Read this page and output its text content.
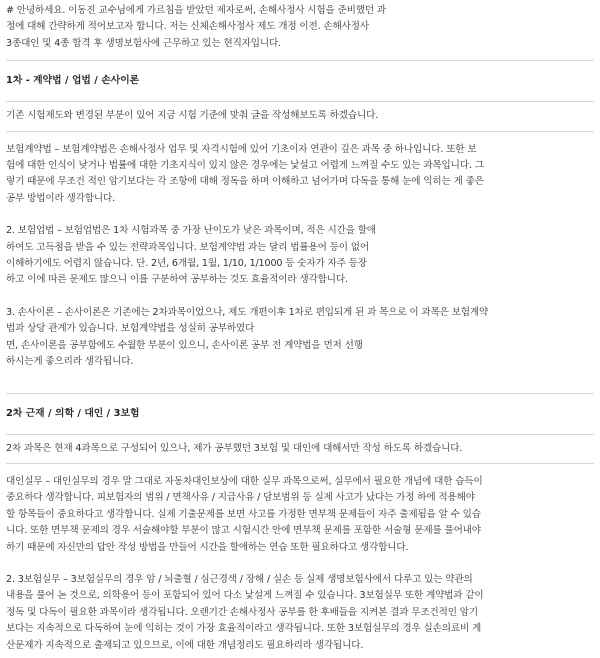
# 안녕하세요. 이동진 교수님에게 가르침을 받았던 제자로써, 손해사정사 시험을 준비했던 과

정에 대해 간략하게 적어보고자 합니다. 저는 신체손해사정사 제도 개정 이전. 손해사정사

3종대인 및 4종 합격 후 생명보험사에 근무하고 있는 현직자입니다.

1차 - 계약법 / 업법 / 손사이론

기존 시험제도와 변경된 부분이 있어 지금 시험 기준에 맞춰 글을 작성해보도록 하겠습니다.

보험계약법 – 보험계약법은 손해사정사 업무 및 자격시험에 있어 기초이자 연관이 깊은 과목 중 하나입니다. 또한 보

험에 대한 인식이 낮거나 법률에 대한 기초지식이 있지 않은 경우에는 낯설고 어렵게 느껴질 수도 있는 과목입니다. 그

렇기 때문에 무조건 적인 암기보다는 각 조항에 대해 정독을 하며 이해하고 넘어가며 다독을 통해 눈에 익히는 게 좋은

공부 방법이라 생각합니다.

2. 보험업법 – 보험업법은 1차 시험과목 중 가장 난이도가 낮은 과목이며, 적은 시간을 할애

하여도 고득점을 받을 수 있는 전략과목입니다. 보험계약법 과는 달리 법률용어 등이 없어

이해하기에도 어렵지 않습니다. 단. 2년, 6개월, 1월, 1/10, 1/1000 등 숫자가 자주 등장

하고 이에 따른 문제도 많으니 이를 구분하여 공부하는 것도 효율적이라 생각합니다.

3. 손사이론 – 손사이론은 기존에는 2차과목이었으나, 제도 개편이후 1차로 편입되게 된 과 목으로 이 과목은 보험계약

법과 상당 관계가 있습니다. 보험계약법을 성실히 공부하였다

면, 손사이론을 공부함에도 수월한 부분이 있으니, 손사이론 공부 전 계약법을 먼저 선행

하시는게 좋으리라 생각됩니다.

2차 근재 / 의학 / 대인 / 3보험

2차 과목은 현재 4과목으로 구성되어 있으나, 제가 공부했던 3보험 및 대인에 대해서만 작성 하도록 하겠습니다.

대인실무 – 대인실무의 경우 말 그대로 자동차대인보상에 대한 실무 과목으로써, 실무에서 필요한 개념에 대한 습득이

중요하다 생각합니다. 피보험자의 범위 / 면책사유 / 지급사유 / 담보범위 등 실제 사고가 났다는 가정 하에 적용해야

할 항목들이 중요하다고 생각합니다. 실제 기출문제를 보면 사고를 가정한 면부책 문제들이 자주 출제됨을 알 수 있습

니다. 또한 면부책 문제의 경우 서술해야할 부분이 많고 시험시간 안에 면부책 문제를 포함한 서술형 문제를 풀어내야

하기 때문에 자신만의 답안 작성 방법을 만들어 시간을 할애하는 연습 또한 필요하다고 생각합니다.

2. 3보험실무 – 3보험실무의 경우 암 / 뇌출혈 / 심근경색 / 장해 / 실손 등 실제 생명보험사에서 다루고 있는 약관의

내용을 풀어 논 것으로, 의학용어 등이 포함되어 있어 다소 낯설게 느껴질 수 있습니다. 3보험실무 또한 계약법과 같이

정독 및 다독이 필요한 과목이라 생각됩니다. 오랜기간 손해사정사 공부를 한 후배들을 지켜본 결과 무조건적인 암기

보다는 지속적으로 다독하여 눈에 익히는 것이 가장 효율적이라고 생각됩니다. 또한 3보험실무의 경우 실손의료비 계

산문제가 지속적으로 출제되고 있으므로, 이에 대한 개념정리도 필요하리라 생각됩니다.
